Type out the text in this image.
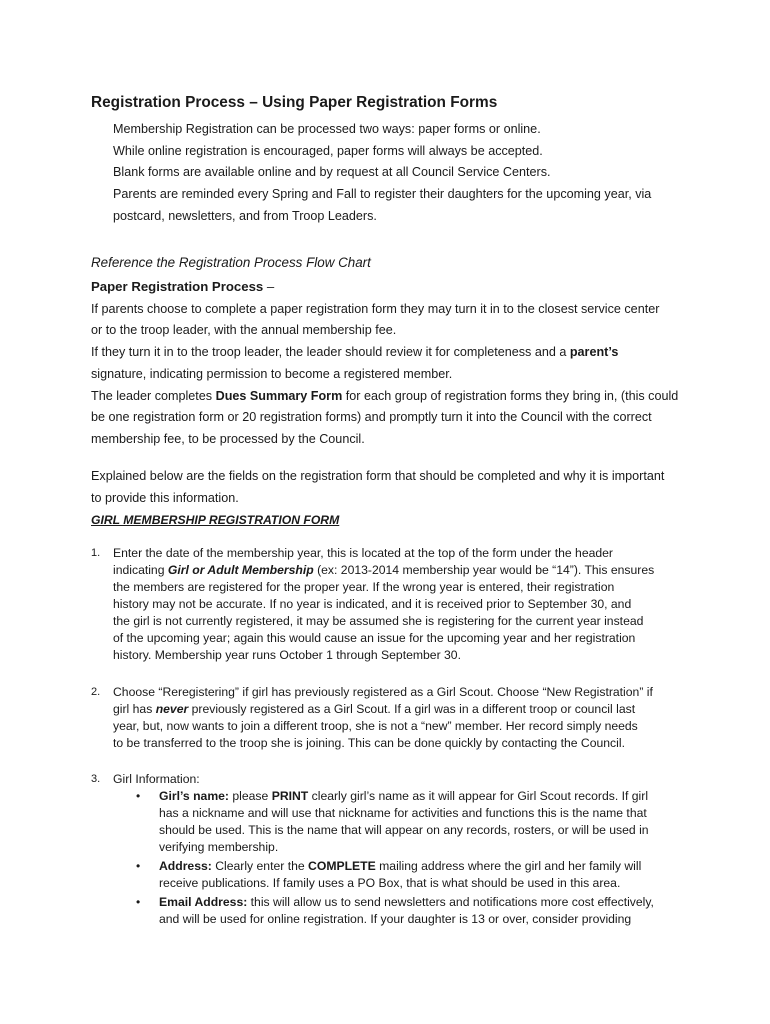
Registration Process – Using Paper Registration Forms
Membership Registration can be processed two ways: paper forms or online.
While online registration is encouraged, paper forms will always be accepted.
Blank forms are available online and by request at all Council Service Centers.
Parents are reminded every Spring and Fall to register their daughters for the upcoming year, via
postcard, newsletters, and from Troop Leaders.
Reference the Registration Process Flow Chart
Paper Registration Process –
If parents choose to complete a paper registration form they may turn it in to the closest service center
or to the troop leader, with the annual membership fee.
If they turn it in to the troop leader, the leader should review it for completeness and a parent’s
signature, indicating permission to become a registered member.
The leader completes Dues Summary Form for each group of registration forms they bring in, (this could
be one registration form or 20 registration forms) and promptly turn it into the Council with the correct
membership fee, to be processed by the Council.
Explained below are the fields on the registration form that should be completed and why it is important
to provide this information.
GIRL MEMBERSHIP REGISTRATION FORM
1. Enter the date of the membership year, this is located at the top of the form under the header
indicating Girl or Adult Membership (ex: 2013-2014 membership year would be “14”). This ensures
the members are registered for the proper year. If the wrong year is entered, their registration
history may not be accurate. If no year is indicated, and it is received prior to September 30, and
the girl is not currently registered, it may be assumed she is registering for the current year instead
of the upcoming year; again this would cause an issue for the upcoming year and her registration
history. Membership year runs October 1 through September 30.
2. Choose “Reregistering” if girl has previously registered as a Girl Scout. Choose “New Registration” if
girl has never previously registered as a Girl Scout. If a girl was in a different troop or council last
year, but, now wants to join a different troop, she is not a “new” member. Her record simply needs
to be transferred to the troop she is joining. This can be done quickly by contacting the Council.
3. Girl Information:
• Girl’s name: please PRINT clearly girl’s name as it will appear for Girl Scout records. If girl
has a nickname and will use that nickname for activities and functions this is the name that
should be used. This is the name that will appear on any records, rosters, or will be used in
verifying membership.
• Address: Clearly enter the COMPLETE mailing address where the girl and her family will
receive publications. If family uses a PO Box, that is what should be used in this area.
• Email Address: this will allow us to send newsletters and notifications more cost effectively,
and will be used for online registration. If your daughter is 13 or over, consider providing
